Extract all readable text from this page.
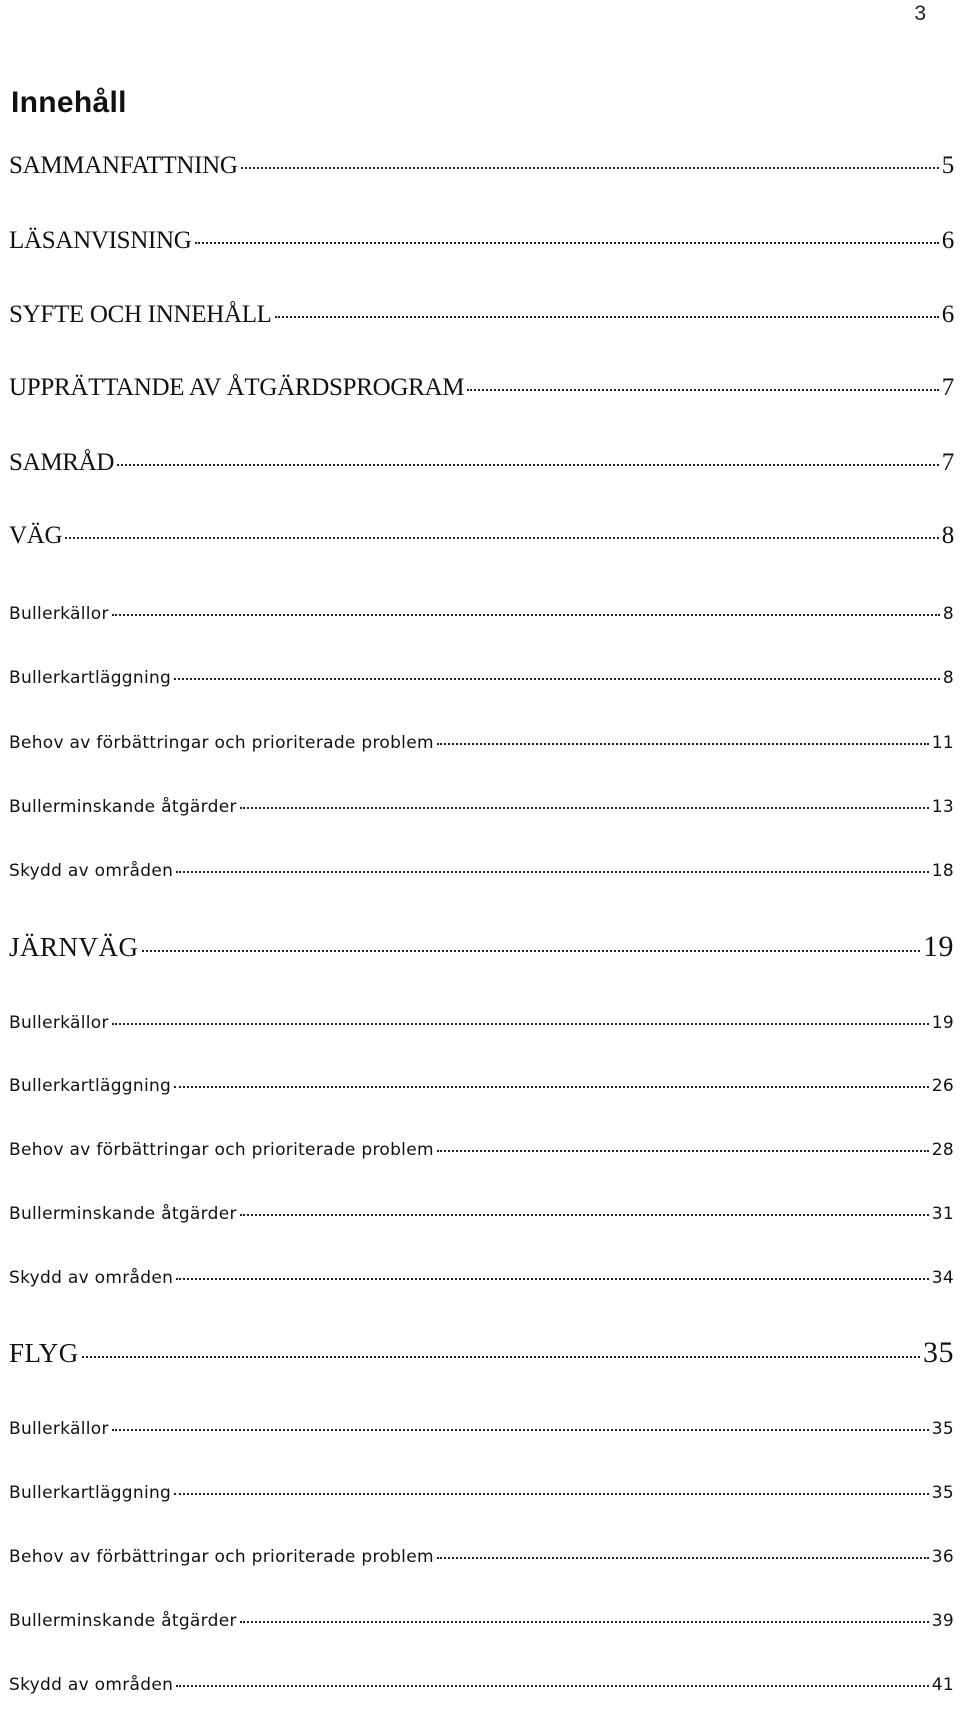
3
Innehåll
SAMMANFATTNING	5
LÄSANVISNING	6
SYFTE OCH INNEHÅLL	6
UPPRÄTTANDE AV ÅTGÄRDSPROGRAM	7
SAMRÅD	7
VÄG	8
Bullerkällor	8
Bullerkartläggning	8
Behov av förbättringar och prioriterade problem	11
Bullerminskande åtgärder	13
Skydd av områden	18
JÄRNVÄG	19
Bullerkällor	19
Bullerkartläggning	26
Behov av förbättringar och prioriterade problem	28
Bullerminskande åtgärder	31
Skydd av områden	34
FLYG	35
Bullerkällor	35
Bullerkartläggning	35
Behov av förbättringar och prioriterade problem	36
Bullerminskande åtgärder	39
Skydd av områden	41
